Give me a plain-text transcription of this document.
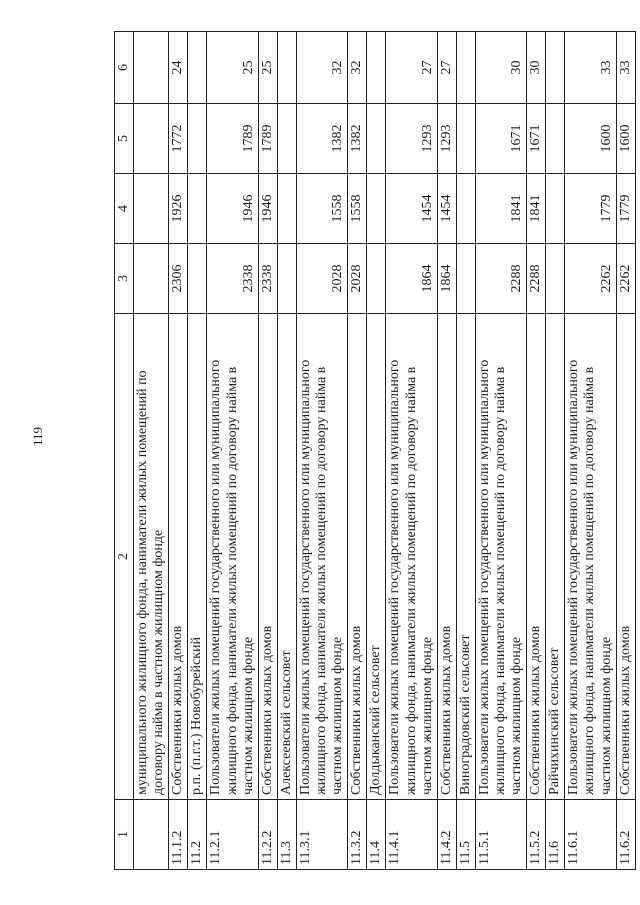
119
1	2	3	4	5	6
	муниципального жилищного фонда, наниматели жилых помещений по договору найма в частном жилищном фонде				
11.1.2	Собственники жилых домов	2306	1926	1772	24
11.2	р.п. (п.г.т.) Новобурейский				
11.2.1	Пользователи жилых помещений государственного или муниципального жилищного фонда, наниматели жилых помещений по договору найма в частном жилищном фонде	2338	1946	1789	25
11.2.2	Собственники жилых домов	2338	1946	1789	25
11.3	Алексеевский сельсовет				
11.3.1	Пользователи жилых помещений государственного или муниципального жилищного фонда, наниматели жилых помещений по договору найма в частном жилищном фонде	2028	1558	1382	32
11.3.2	Собственники жилых домов	2028	1558	1382	32
11.4	Долдыканский сельсовет				
11.4.1	Пользователи жилых помещений государственного или муниципального жилищного фонда, наниматели жилых помещений по договору найма в частном жилищном фонде	1864	1454	1293	27
11.4.2	Собственники жилых домов	1864	1454	1293	27
11.5	Виноградовский сельсовет				
11.5.1	Пользователи жилых помещений государственного или муниципального жилищного фонда, наниматели жилых помещений по договору найма в частном жилищном фонде	2288	1841	1671	30
11.5.2	Собственники жилых домов	2288	1841	1671	30
11.6	Райчихинский сельсовет				
11.6.1	Пользователи жилых помещений государственного или муниципального жилищного фонда, наниматели жилых помещений по договору найма в частном жилищном фонде	2262	1779	1600	33
11.6.2	Собственники жилых домов	2262	1779	1600	33
